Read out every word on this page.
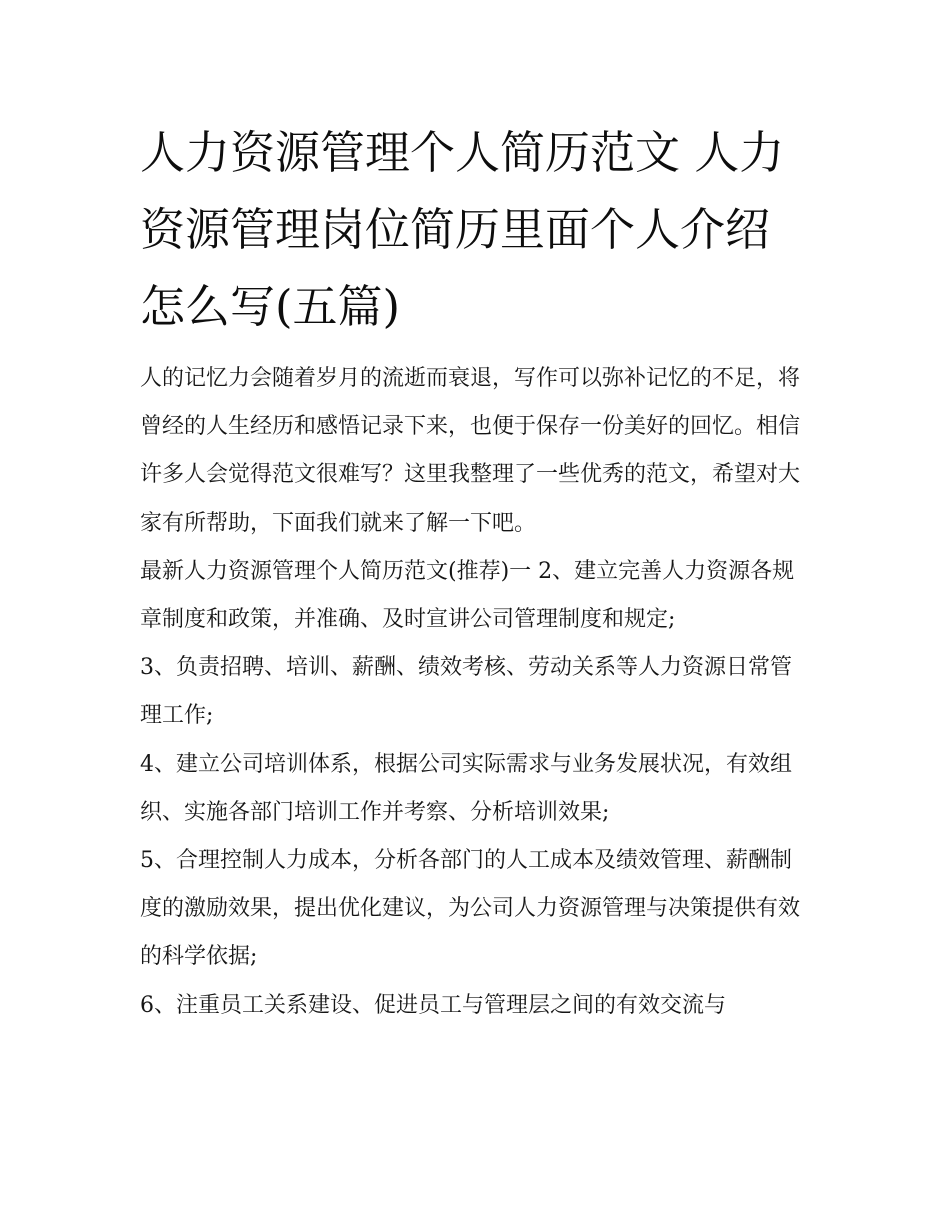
人力资源管理个人简历范文 人力资源管理岗位简历里面个人介绍怎么写(五篇)

人的记忆力会随着岁月的流逝而衰退，写作可以弥补记忆的不足，将曾经的人生经历和感悟记录下来，也便于保存一份美好的回忆。相信许多人会觉得范文很难写？这里我整理了一些优秀的范文，希望对大家有所帮助，下面我们就来了解一下吧。

最新人力资源管理个人简历范文(推荐)一 2、建立完善人力资源各规章制度和政策，并准确、及时宣讲公司管理制度和规定;

3、负责招聘、培训、薪酬、绩效考核、劳动关系等人力资源日常管理工作;

4、建立公司培训体系，根据公司实际需求与业务发展状况，有效组织、实施各部门培训工作并考察、分析培训效果;

5、合理控制人力成本，分析各部门的人工成本及绩效管理、薪酬制度的激励效果，提出优化建议，为公司人力资源管理与决策提供有效的科学依据;

6、注重员工关系建设、促进员工与管理层之间的有效交流与
